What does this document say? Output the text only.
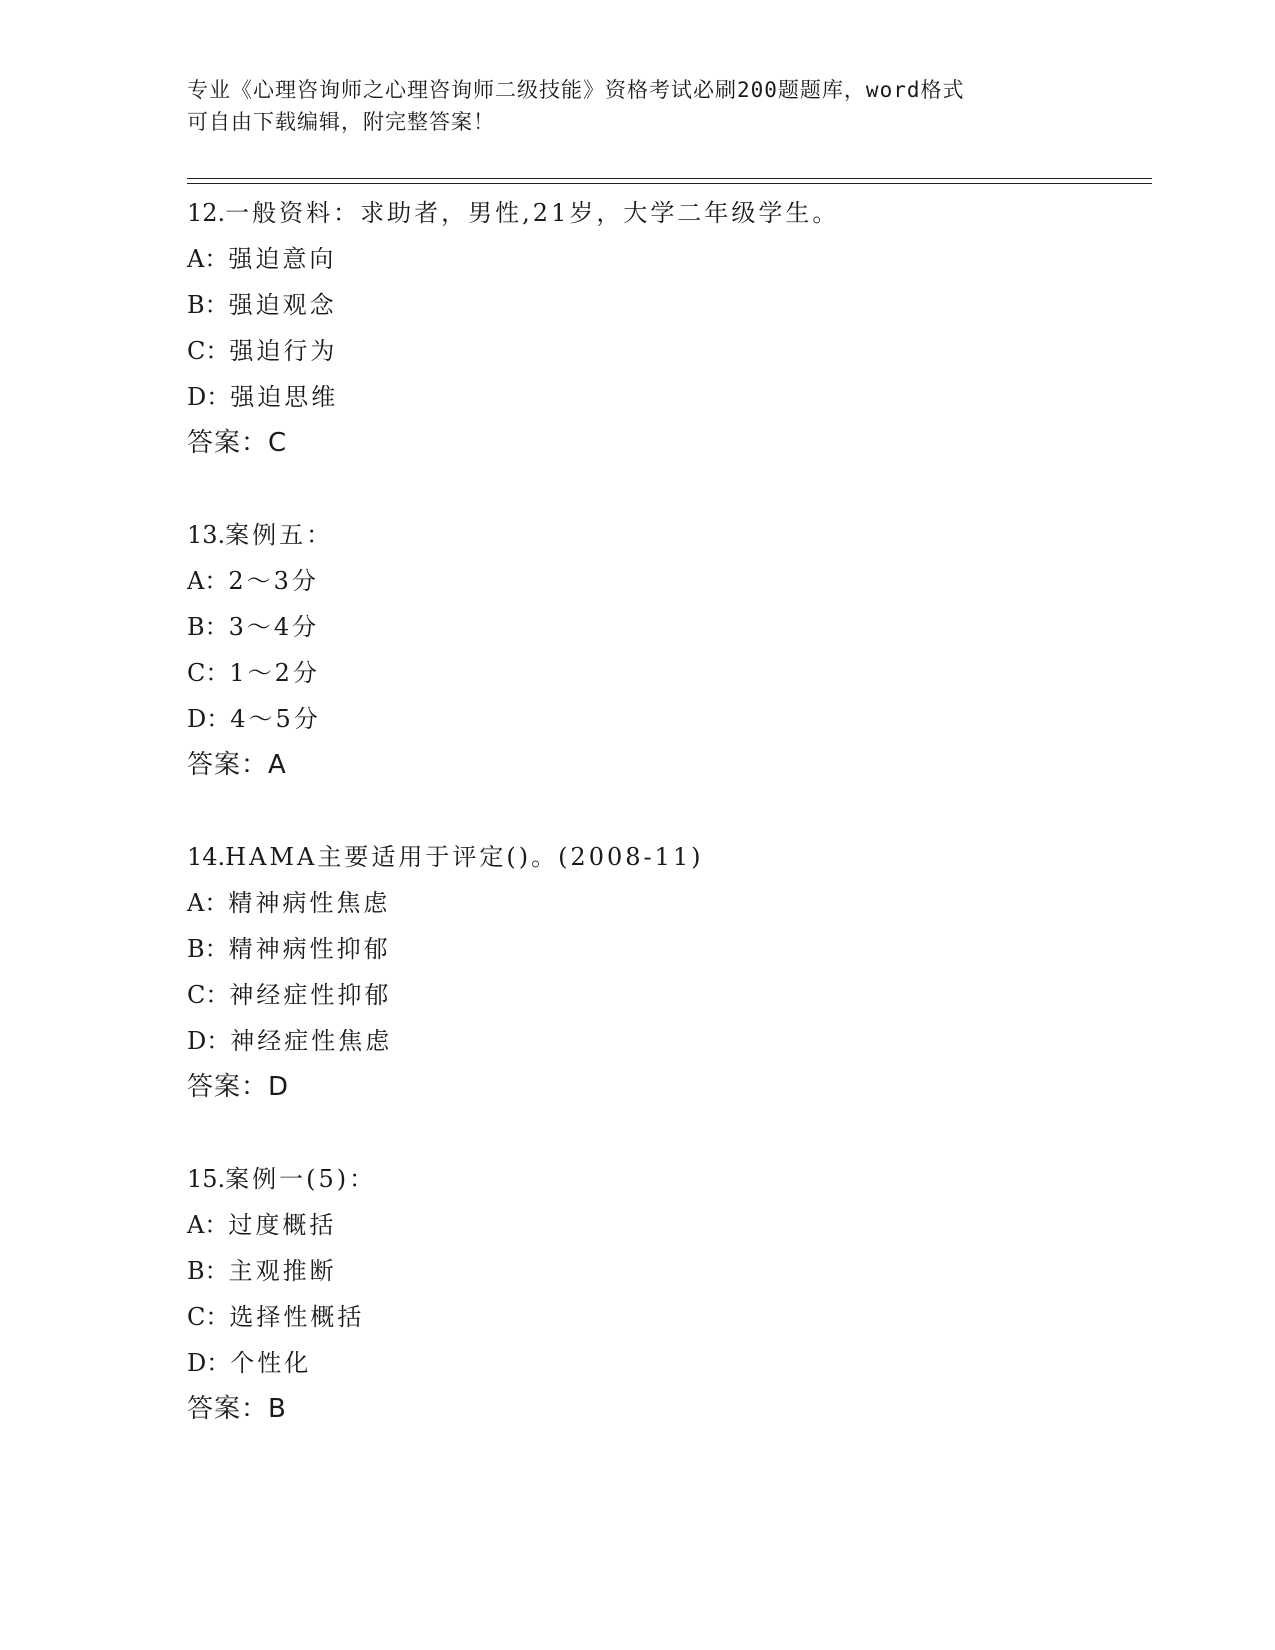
专业《心理咨询师之心理咨询师二级技能》资格考试必刷200题题库，word格式
可自由下载编辑，附完整答案！
12.一般资料：求助者，男性,21岁，大学二年级学生。
A：强迫意向
B：强迫观念
C：强迫行为
D：强迫思维
答案：C
13.案例五：
A：2～3分
B：3～4分
C：1～2分
D：4～5分
答案：A
14.HAMA主要适用于评定()。(2008-11)
A：精神病性焦虑
B：精神病性抑郁
C：神经症性抑郁
D：神经症性焦虑
答案：D
15.案例一(5)：
A：过度概括
B：主观推断
C：选择性概括
D：个性化
答案：B
